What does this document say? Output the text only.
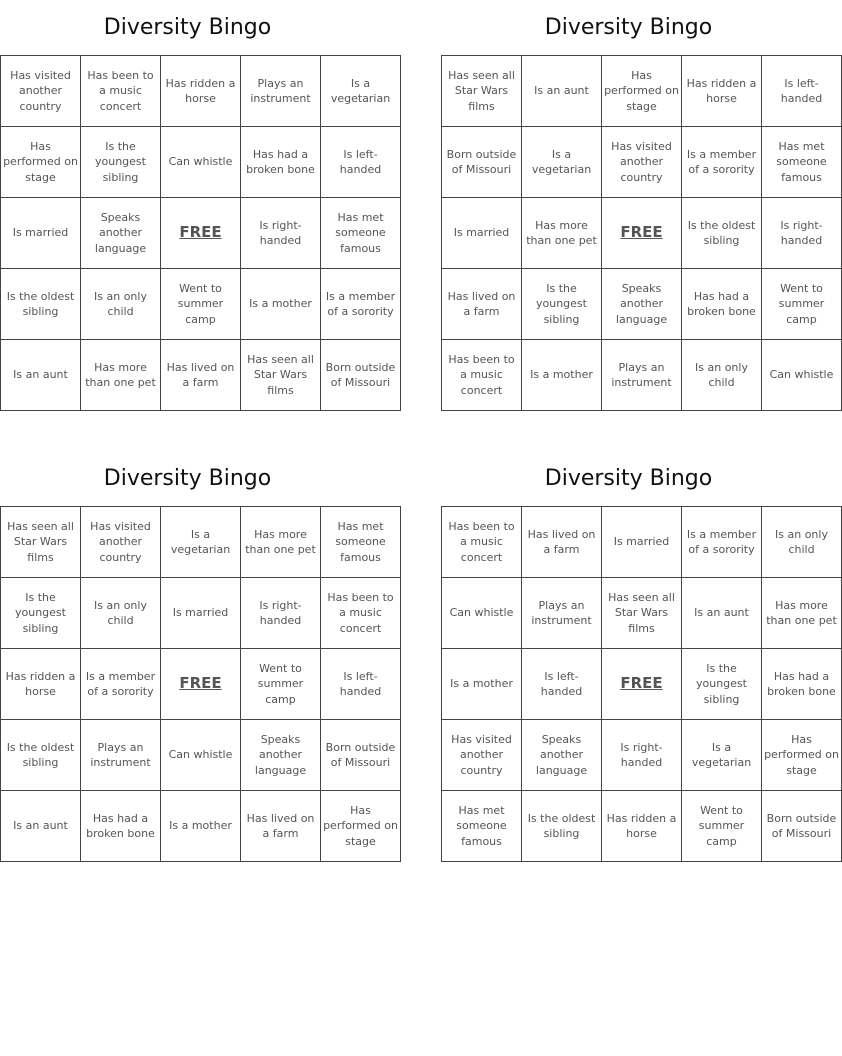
Diversity Bingo
Has visited another country	Has been to a music concert	Has ridden a horse	Plays an instrument	Is a vegetarian
Has performed on stage	Is the youngest sibling	Can whistle	Has had a broken bone	Is left-handed
Is married	Speaks another language	FREE	Is right-handed	Has met someone famous
Is the oldest sibling	Is an only child	Went to summer camp	Is a mother	Is a member of a sorority
Is an aunt	Has more than one pet	Has lived on a farm	Has seen all Star Wars films	Born outside of Missouri
Diversity Bingo
Has seen all Star Wars films	Is an aunt	Has performed on stage	Has ridden a horse	Is left-handed
Born outside of Missouri	Is a vegetarian	Has visited another country	Is a member of a sorority	Has met someone famous
Is married	Has more than one pet	FREE	Is the oldest sibling	Is right-handed
Has lived on a farm	Is the youngest sibling	Speaks another language	Has had a broken bone	Went to summer camp
Has been to a music concert	Is a mother	Plays an instrument	Is an only child	Can whistle
Diversity Bingo
Has seen all Star Wars films	Has visited another country	Is a vegetarian	Has more than one pet	Has met someone famous
Is the youngest sibling	Is an only child	Is married	Is right-handed	Has been to a music concert
Has ridden a horse	Is a member of a sorority	FREE	Went to summer camp	Is left-handed
Is the oldest sibling	Plays an instrument	Can whistle	Speaks another language	Born outside of Missouri
Is an aunt	Has had a broken bone	Is a mother	Has lived on a farm	Has performed on stage
Diversity Bingo
Has been to a music concert	Has lived on a farm	Is married	Is a member of a sorority	Is an only child
Can whistle	Plays an instrument	Has seen all Star Wars films	Is an aunt	Has more than one pet
Is a mother	Is left-handed	FREE	Is the youngest sibling	Has had a broken bone
Has visited another country	Speaks another language	Is right-handed	Is a vegetarian	Has performed on stage
Has met someone famous	Is the oldest sibling	Has ridden a horse	Went to summer camp	Born outside of Missouri
